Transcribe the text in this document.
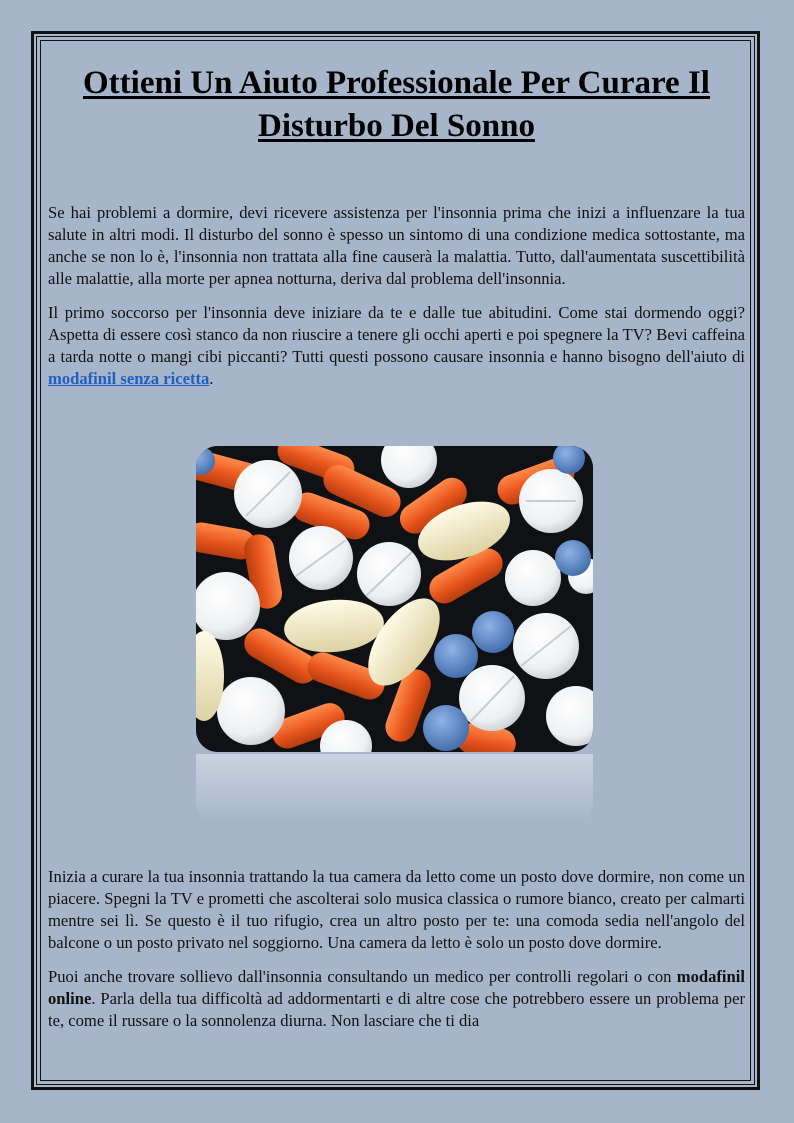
Ottieni Un Aiuto Professionale Per Curare Il Disturbo Del Sonno

Se hai problemi a dormire, devi ricevere assistenza per l'insonnia prima che inizi a influenzare la tua salute in altri modi. Il disturbo del sonno è spesso un sintomo di una condizione medica sottostante, ma anche se non lo è, l'insonnia non trattata alla fine causerà la malattia. Tutto, dall'aumentata suscettibilità alle malattie, alla morte per apnea notturna, deriva dal problema dell'insonnia.

Il primo soccorso per l'insonnia deve iniziare da te e dalle tue abitudini. Come stai dormendo oggi? Aspetta di essere così stanco da non riuscire a tenere gli occhi aperti e poi spegnere la TV? Bevi caffeina a tarda notte o mangi cibi piccanti? Tutti questi possono causare insonnia e hanno bisogno dell'aiuto di modafinil senza ricetta.

Inizia a curare la tua insonnia trattando la tua camera da letto come un posto dove dormire, non come un piacere. Spegni la TV e prometti che ascolterai solo musica classica o rumore bianco, creato per calmarti mentre sei lì. Se questo è il tuo rifugio, crea un altro posto per te: una comoda sedia nell'angolo del balcone o un posto privato nel soggiorno. Una camera da letto è solo un posto dove dormire.

Puoi anche trovare sollievo dall'insonnia consultando un medico per controlli regolari o con modafinil online. Parla della tua difficoltà ad addormentarti e di altre cose che potrebbero essere un problema per te, come il russare o la sonnolenza diurna. Non lasciare che ti dia
